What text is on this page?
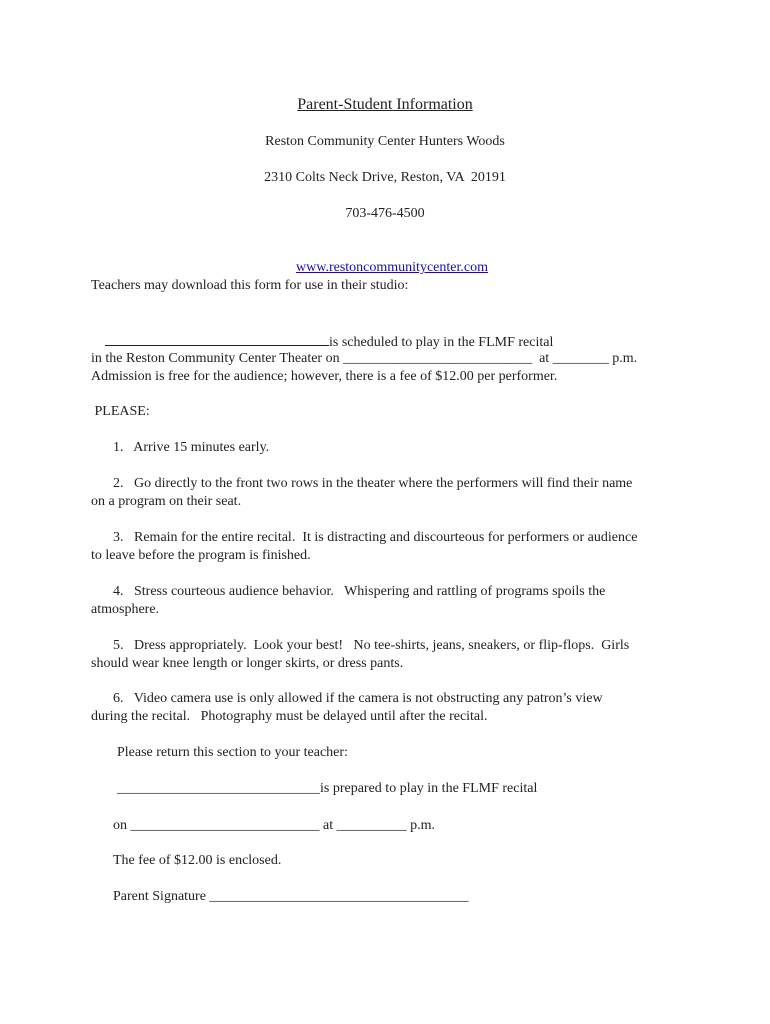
Parent-Student Information
Reston Community Center Hunters Woods
2310 Colts Neck Drive, Reston, VA  20191
703-476-4500

www.restoncommunitycenter.com

Teachers may download this form for use in their studio:

is scheduled to play in the FLMF recital

in the Reston Community Center Theater on ___________________________  at ________ p.m.
Admission is free for the audience; however, there is a fee of $12.00 per performer.
PLEASE:
1.   Arrive 15 minutes early.
2.   Go directly to the front two rows in the theater where the performers will find their name
on a program on their seat.
3.   Remain for the entire recital.  It is distracting and discourteous for performers or audience
to leave before the program is finished.
4.   Stress courteous audience behavior.   Whispering and rattling of programs spoils the
atmosphere.
5.   Dress appropriately.  Look your best!   No tee-shirts, jeans, sneakers, or flip-flops.  Girls
should wear knee length or longer skirts, or dress pants.
6.   Video camera use is only allowed if the camera is not obstructing any patron’s view
during the recital.   Photography must be delayed until after the recital.
Please return this section to your teacher:
_____________________________is prepared to play in the FLMF recital
on ___________________________ at __________ p.m.
The fee of $12.00 is enclosed.
Parent Signature _____________________________________
